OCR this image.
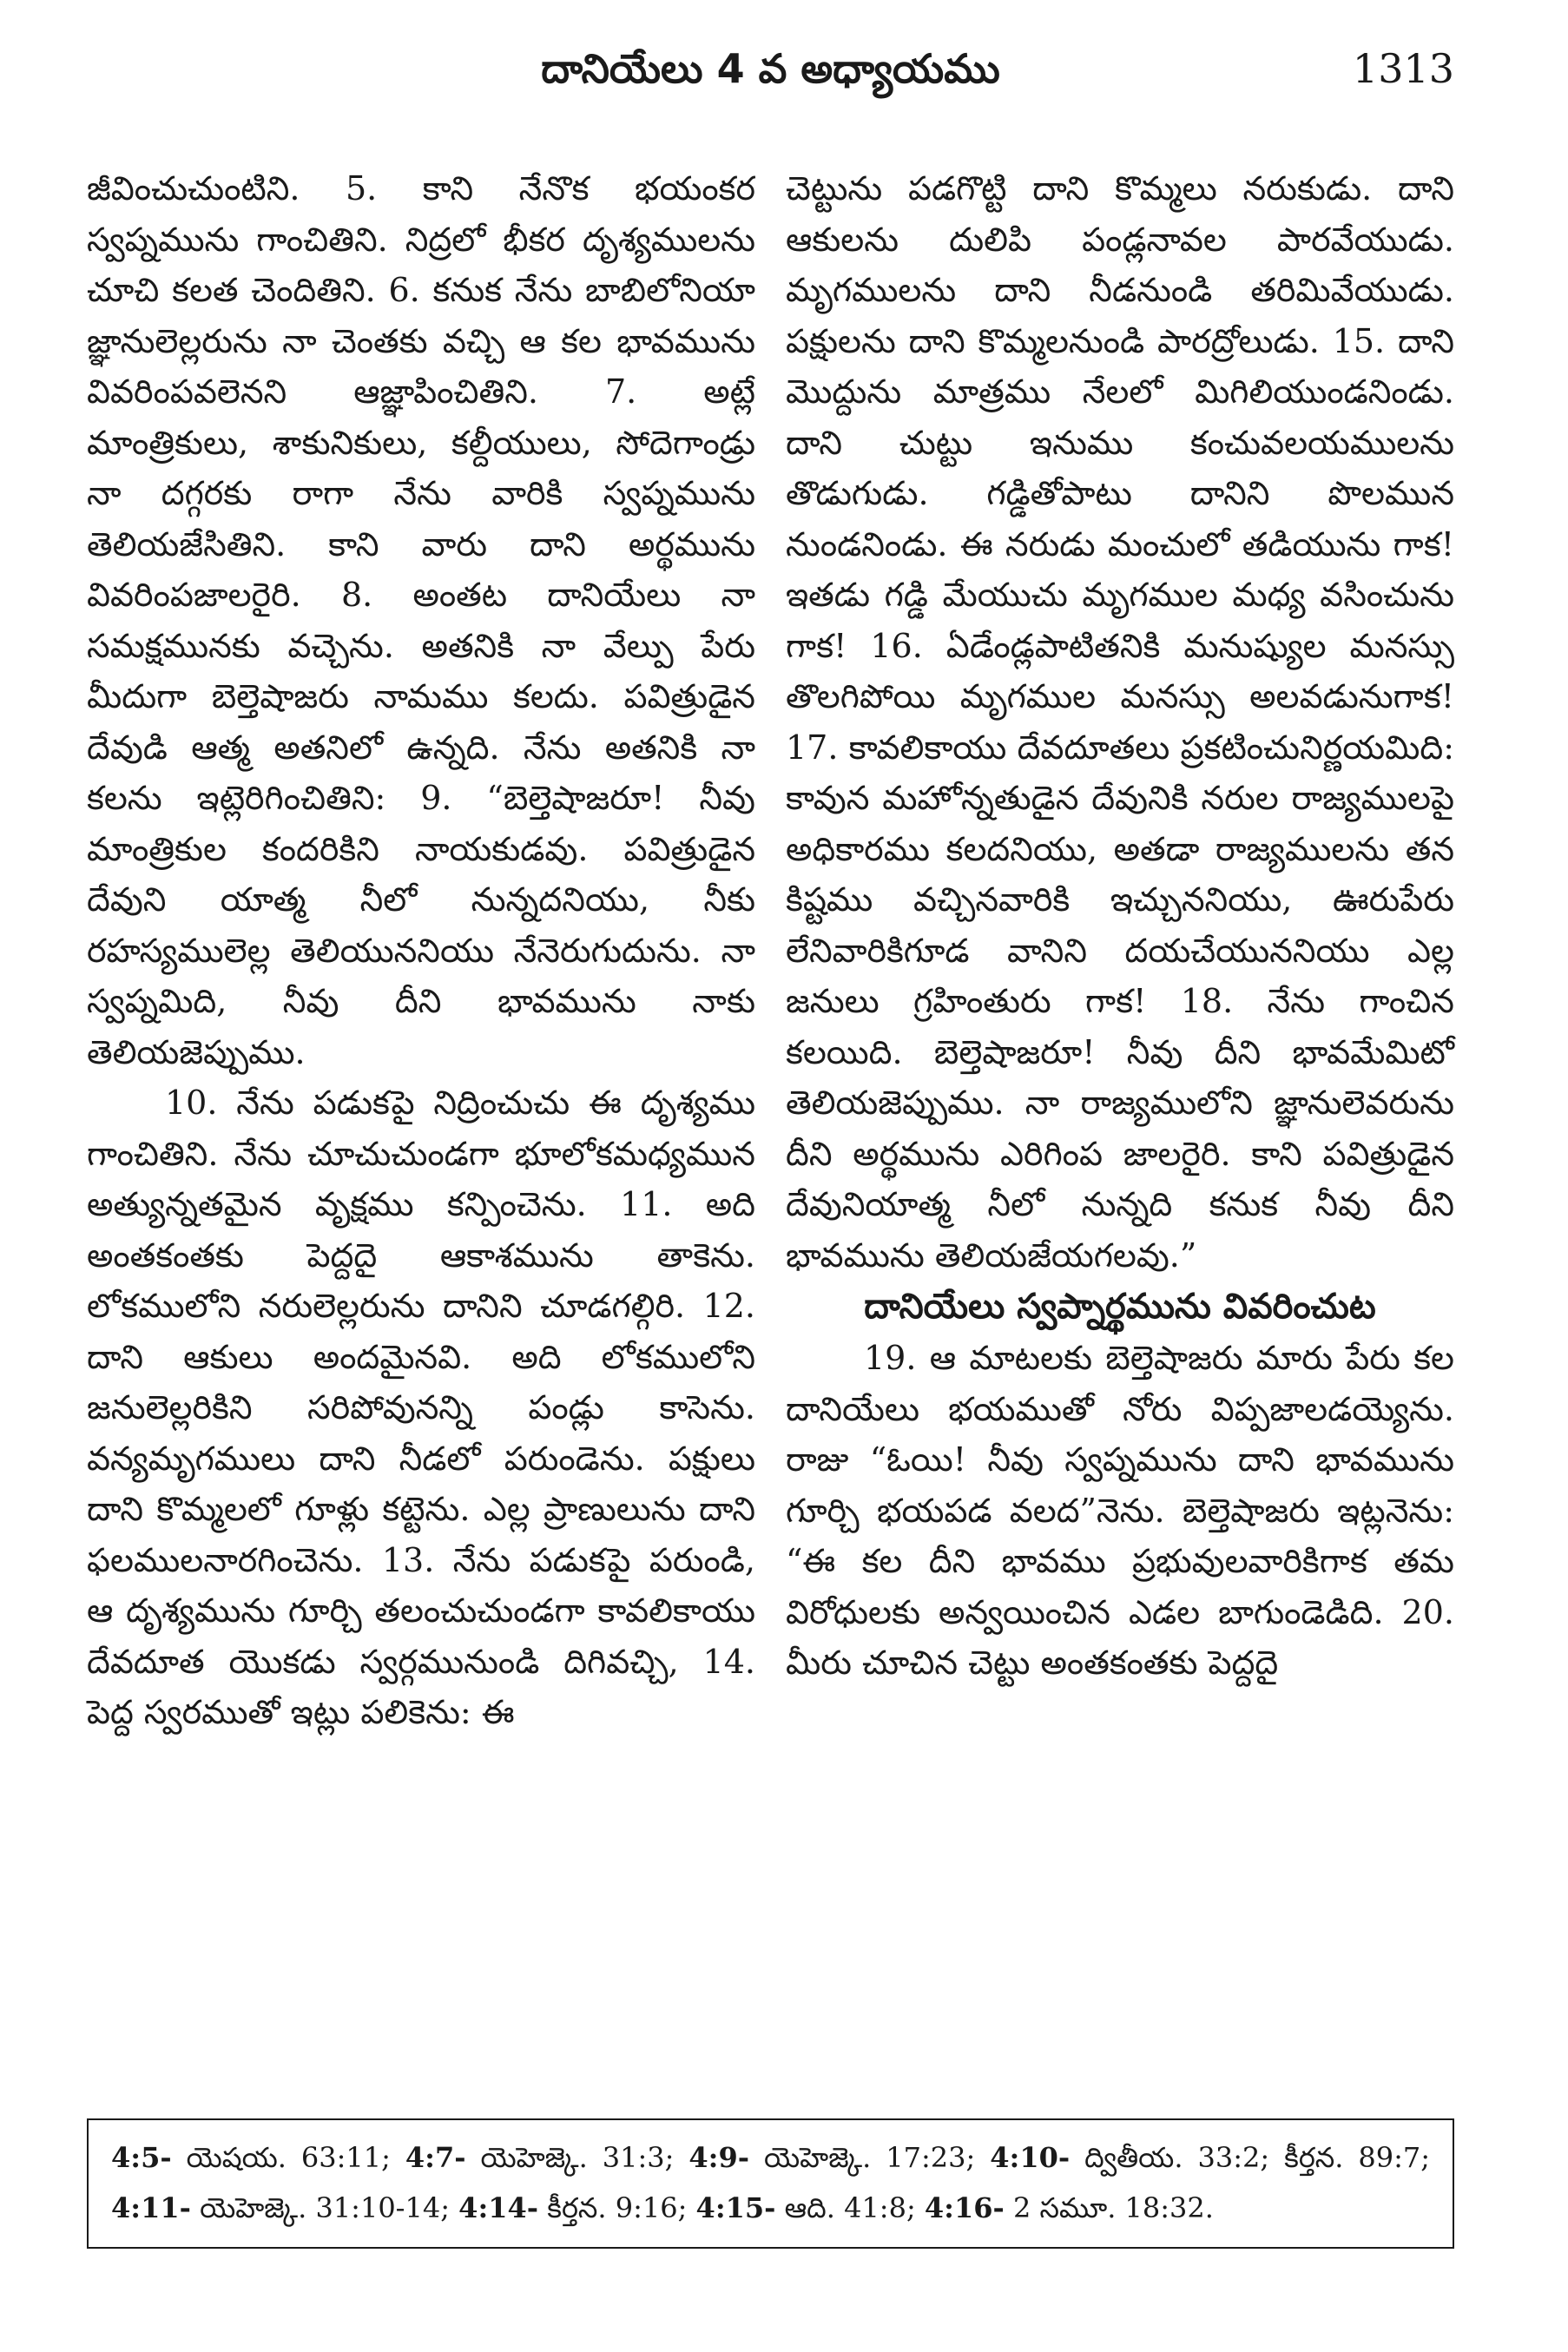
దానియేలు 4 వ అధ్యాయము	1313

జీవించుచుంటిని. 5. కాని నేనొక భయంకర స్వప్నమును గాంచితిని. నిద్రలో భీకర దృశ్యములను చూచి కలత చెందితిని. 6. కనుక నేను బాబిలోనియా జ్ఞానులెల్లరును నా చెంతకు వచ్చి ఆ కల భావమును వివరింపవలెనని ఆజ్ఞాపించితిని. 7. అట్లే మాంత్రికులు, శాకునికులు, కల్దీయులు, సోదెగాండ్రు నా దగ్గరకు రాగా నేను వారికి స్వప్నమును తెలియజేసితిని. కాని వారు దాని అర్థమును వివరింపజాలరైరి. 8. అంతట దానియేలు నా సమక్షమునకు వచ్చెను. అతనికి నా వేల్పు పేరు మీదుగా బెల్తెషాజరు నామము కలదు. పవిత్రుడైన దేవుడి ఆత్మ అతనిలో ఉన్నది. నేను అతనికి నా కలను ఇట్లెరిగించితిని: 9. “బెల్తెషాజరూ! నీవు మాంత్రికుల కందరికిని నాయకుడవు. పవిత్రుడైన దేవుని యాత్మ నీలో నున్నదనియు, నీకు రహస్యములెల్ల తెలియుననియు నేనెరుగుదును. నా స్వప్నమిది, నీవు దీని భావమును నాకు తెలియజెప్పుము.

10. నేను పడుకపై నిద్రించుచు ఈ దృశ్యము గాంచితిని. నేను చూచుచుండగా భూలోకమధ్యమున అత్యున్నతమైన వృక్షము కన్పించెను. 11. అది అంతకంతకు పెద్దదై ఆకాశమును తాకెను. లోకములోని నరులెల్లరును దానిని చూడగల్గిరి. 12. దాని ఆకులు అందమైనవి. అది లోకములోని జనులెల్లరికిని సరిపోవునన్ని పండ్లు కాసెను. వన్యమృగములు దాని నీడలో పరుండెను. పక్షులు దాని కొమ్మలలో గూళ్లు కట్టెను. ఎల్ల ప్రాణులును దాని ఫలములనారగించెను. 13. నేను పడుకపై పరుండి, ఆ దృశ్యమును గూర్చి తలంచుచుండగా కావలికాయు దేవదూత యొకడు స్వర్గమునుండి దిగివచ్చి, 14. పెద్ద స్వరముతో ఇట్లు పలికెను: ఈ

చెట్టును పడగొట్టి దాని కొమ్మలు నరుకుడు. దాని ఆకులను దులిపి పండ్లనావల పారవేయుడు. మృగములను దాని నీడనుండి తరిమివేయుడు. పక్షులను దాని కొమ్మలనుండి పారద్రోలుడు. 15. దాని మొద్దును మాత్రము నేలలో మిగిలియుండనిండు. దాని చుట్టు ఇనుము కంచువలయములను తొడుగుడు. గడ్డితోపాటు దానిని పొలమున నుండనిండు. ఈ నరుడు మంచులో తడియును గాక! ఇతడు గడ్డి మేయుచు మృగముల మధ్య వసించును గాక! 16. ఏడేండ్లపాటితనికి మనుష్యుల మనస్సు తొలగిపోయి మృగముల మనస్సు అలవడునుగాక! 17. కావలికాయు దేవదూతలు ప్రకటించునిర్ణయమిది: కావున మహోన్నతుడైన దేవునికి నరుల రాజ్యములపై అధికారము కలదనియు, అతడా రాజ్యములను తన కిష్టము వచ్చినవారికి ఇచ్చుననియు, ఊరుపేరు లేనివారికిగూడ వానిని దయచేయుననియు ఎల్ల జనులు గ్రహింతురు గాక! 18. నేను గాంచిన కలయిది. బెల్తెషాజరూ! నీవు దీని భావమేమిటో తెలియజెప్పుము. నా రాజ్యములోని జ్ఞానులెవరును దీని అర్థమును ఎరిగింప జాలరైరి. కాని పవిత్రుడైన దేవునియాత్మ నీలో నున్నది కనుక నీవు దీని భావమును తెలియజేయగలవు.”

దానియేలు స్వప్నార్థమును వివరించుట

19. ఆ మాటలకు బెల్తెషాజరు మారు పేరు కల దానియేలు భయముతో నోరు విప్పజాలడయ్యెను. రాజు “ఓయి! నీవు స్వప్నమును దాని భావమును గూర్చి భయపడ వలద”నెను. బెల్తెషాజరు ఇట్లనెను: “ఈ కల దీని భావము ప్రభువులవారికిగాక తమ విరోధులకు అన్వయించిన ఎడల బాగుండెడిది. 20. మీరు చూచిన చెట్టు అంతకంతకు పెద్దదై

4:5- యెషయ. 63:11; 4:7- యెహెజ్కె. 31:3; 4:9- యెహెజ్కె. 17:23; 4:10- ద్వితీయ. 33:2; కీర్తన. 89:7; 4:11- యెహెజ్కె. 31:10-14; 4:14- కీర్తన. 9:16; 4:15- ఆది. 41:8; 4:16- 2 సమూ. 18:32.
